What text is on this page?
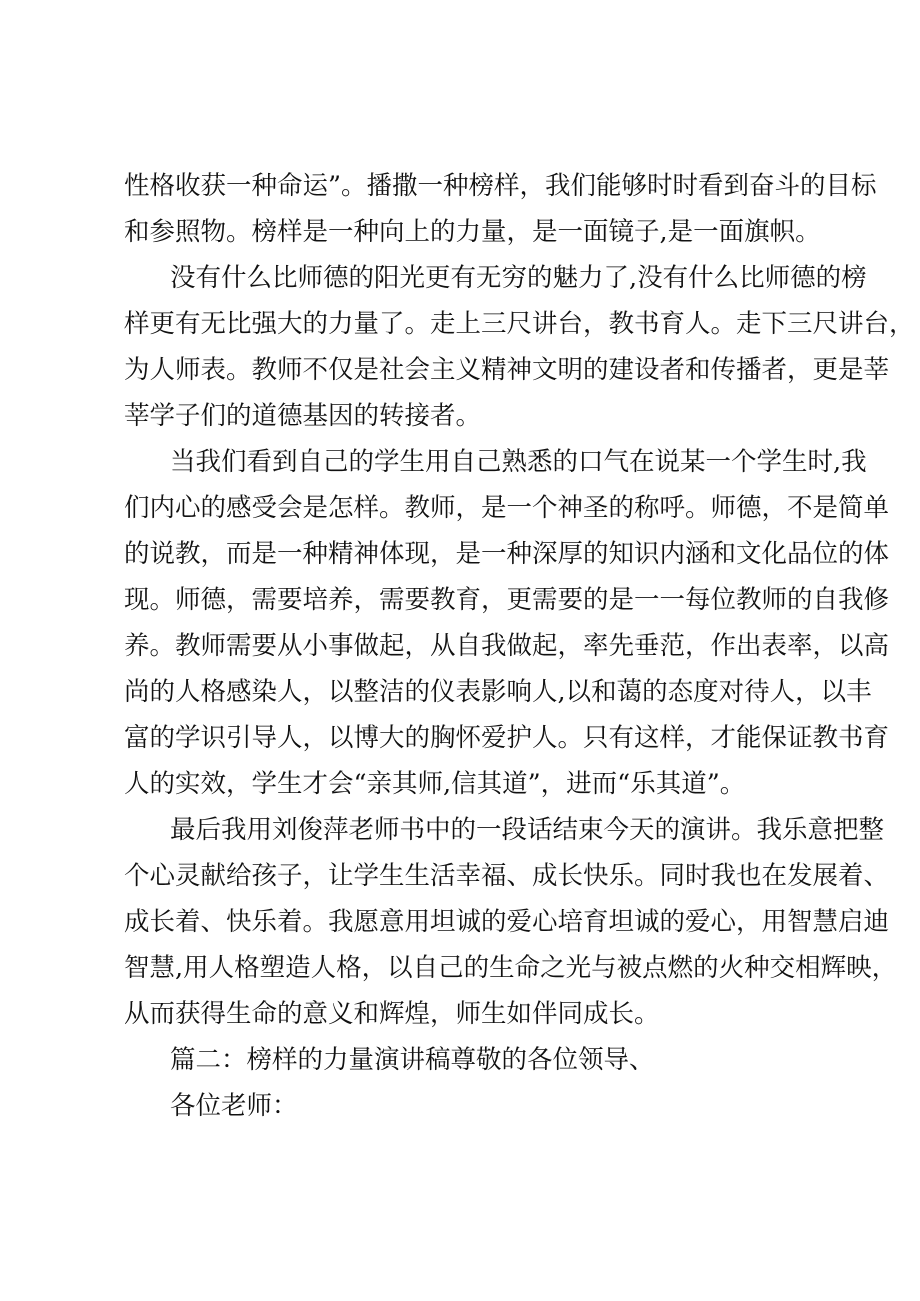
性格收获一种命运”。播撒一种榜样，我们能够时时看到奋斗的目标
和参照物。榜样是一种向上的力量，是一面镜子,是一面旗帜。
没有什么比师德的阳光更有无穷的魅力了,没有什么比师德的榜
样更有无比强大的力量了。走上三尺讲台，教书育人。走下三尺讲台，
为人师表。教师不仅是社会主义精神文明的建设者和传播者，更是莘
莘学子们的道德基因的转接者。
当我们看到自己的学生用自己熟悉的口气在说某一个学生时,我
们内心的感受会是怎样。教师，是一个神圣的称呼。师德，不是简单
的说教，而是一种精神体现，是一种深厚的知识内涵和文化品位的体
现。师德，需要培养，需要教育，更需要的是一一每位教师的自我修
养。教师需要从小事做起，从自我做起，率先垂范，作出表率，以高
尚的人格感染人，以整洁的仪表影响人,以和蔼的态度对待人，以丰
富的学识引导人，以博大的胸怀爱护人。只有这样，才能保证教书育
人的实效，学生才会“亲其师,信其道”，进而“乐其道”。
最后我用刘俊萍老师书中的一段话结束今天的演讲。我乐意把整
个心灵献给孩子，让学生生活幸福、成长快乐。同时我也在发展着、
成长着、快乐着。我愿意用坦诚的爱心培育坦诚的爱心，用智慧启迪
智慧,用人格塑造人格，以自己的生命之光与被点燃的火种交相辉映，
从而获得生命的意义和辉煌，师生如伴同成长。
篇二：榜样的力量演讲稿尊敬的各位领导、
各位老师：
